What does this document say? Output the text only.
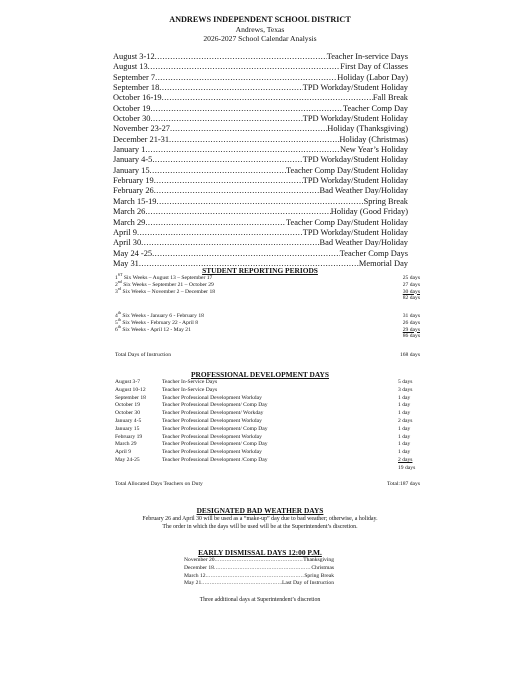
ANDREWS INDEPENDENT SCHOOL DISTRICT
Andrews, Texas
2026-2027 School Calendar Analysis
August 3-12 .....	Teacher In-service Days
August 13 .....	First Day of Classes
September 7 .....	Holiday (Labor Day)
September 18 .....	TPD Workday/Student Holiday
October 16-19 .....	Fall Break
October 19 .....	Teacher Comp Day
October 30 .....	TPD Workday/Student Holiday
November 23-27 .....	Holiday (Thanksgiving)
December 21-31 .....	Holiday (Christmas)
January 1 .....	New Year’s Holiday
January 4-5 .....	TPD Workday/Student Holiday
January 15 .....	Teacher Comp Day/Student Holiday
February 19 .....	TPD Workday/Student Holiday
February 26 .....	Bad Weather Day/Holiday
March 15-19 .....	Spring Break
March 26 .....	Holiday (Good Friday)
March 29 .....	Teacher Comp Day/Student Holiday
April 9 .....	TPD Workday/Student Holiday
April 30 .....	Bad Weather Day/Holiday
May 24 -25 .....	Teacher Comp Days
May 31 .....	Memorial Day
STUDENT REPORTING PERIODS
1ST Six Weeks – August 13 – September 17	25 days
2nd Six Weeks – September 21 – October 29	27 days
3rd Six Weeks – November 2 – December 18	30 days
82 days
4th Six Weeks - January 6 - February 18	31 days
5th Six Weeks - February 22 - April 8	26 days
6th Six Weeks - April 12 - May 21	29 days
86 days
Total Days of Instruction	168 days
PROFESSIONAL DEVELOPMENT DAYS
August 3-7	Teacher In-Service Days	5 days
August 10-12	Teacher In-Service Days	3 days
September 18	Teacher Professional Development Workday	1 day
October 19	Teacher Professional Development/ Comp Day	1 day
October 30	Teacher Professional Development/ Workday	1 day
January 4-5	Teacher Professional Development Workday	2 days
January 15	Teacher Professional Development/ Comp Day	1 day
February 19	Teacher Professional Development Workday	1 day
March 29	Teacher Professional Development/ Comp Day	1 day
April 9	Teacher Professional Development Workday	1 day
May 24-25	Teacher Professional Development /Comp Day	2 days
19 days
Total Allocated Days Teachers on Duty	Total:187 days
DESIGNATED BAD WEATHER DAYS
February 26 and April 30 will be used as a “make-up” day due to bad weather; otherwise, a holiday.
The order in which the days will be used will be at the Superintendent’s discretion.
EARLY DISMISSAL DAYS 12:00 P.M.
November 20 .....	Thanksgiving
December 18 .....	Christmas
March 12 .....	Spring Break
May 21 .....	Last Day of Instruction
Three additional days at Superintendent’s discretion
